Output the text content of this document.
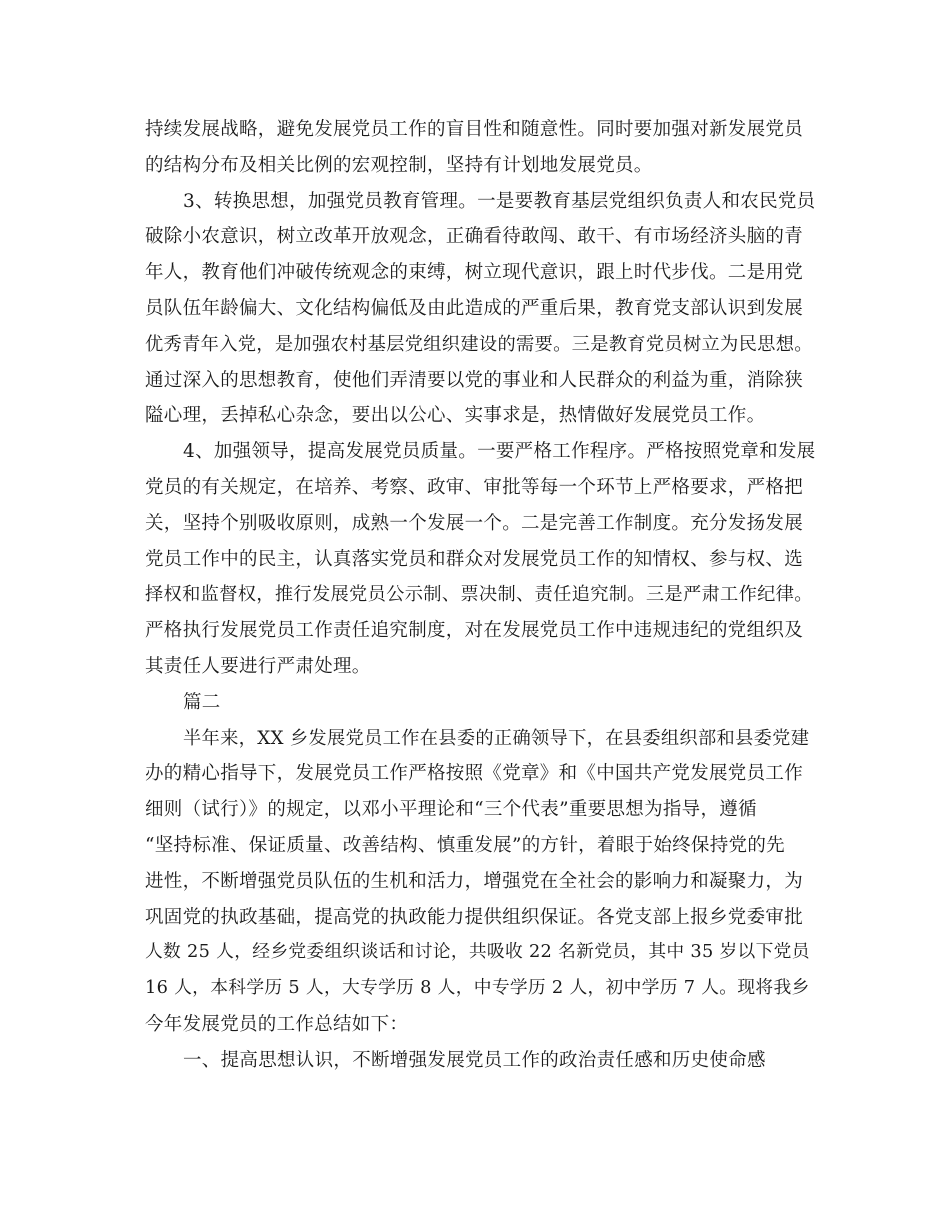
持续发展战略，避免发展党员工作的盲目性和随意性。同时要加强对新发展党员
的结构分布及相关比例的宏观控制，坚持有计划地发展党员。
3、转换思想，加强党员教育管理。一是要教育基层党组织负责人和农民党员
破除小农意识，树立改革开放观念，正确看待敢闯、敢干、有市场经济头脑的青
年人，教育他们冲破传统观念的束缚，树立现代意识，跟上时代步伐。二是用党
员队伍年龄偏大、文化结构偏低及由此造成的严重后果，教育党支部认识到发展
优秀青年入党，是加强农村基层党组织建设的需要。三是教育党员树立为民思想。
通过深入的思想教育，使他们弄清要以党的事业和人民群众的利益为重，消除狭
隘心理，丢掉私心杂念，要出以公心、实事求是，热情做好发展党员工作。
4、加强领导，提高发展党员质量。一要严格工作程序。严格按照党章和发展
党员的有关规定，在培养、考察、政审、审批等每一个环节上严格要求，严格把
关，坚持个别吸收原则，成熟一个发展一个。二是完善工作制度。充分发扬发展
党员工作中的民主，认真落实党员和群众对发展党员工作的知情权、参与权、选
择权和监督权，推行发展党员公示制、票决制、责任追究制。三是严肃工作纪律。
严格执行发展党员工作责任追究制度，对在发展党员工作中违规违纪的党组织及
其责任人要进行严肃处理。
篇二
半年来，XX 乡发展党员工作在县委的正确领导下，在县委组织部和县委党建
办的精心指导下，发展党员工作严格按照《党章》和《中国共产党发展党员工作
细则（试行）》的规定，以邓小平理论和“三个代表”重要思想为指导，遵循
“坚持标准、保证质量、改善结构、慎重发展”的方针，着眼于始终保持党的先
进性，不断增强党员队伍的生机和活力，增强党在全社会的影响力和凝聚力，为
巩固党的执政基础，提高党的执政能力提供组织保证。各党支部上报乡党委审批
人数 25 人，经乡党委组织谈话和讨论，共吸收 22 名新党员，其中 35 岁以下党员
16 人，本科学历 5 人，大专学历 8 人，中专学历 2 人，初中学历 7 人。现将我乡
今年发展党员的工作总结如下：
一、提高思想认识，不断增强发展党员工作的政治责任感和历史使命感
